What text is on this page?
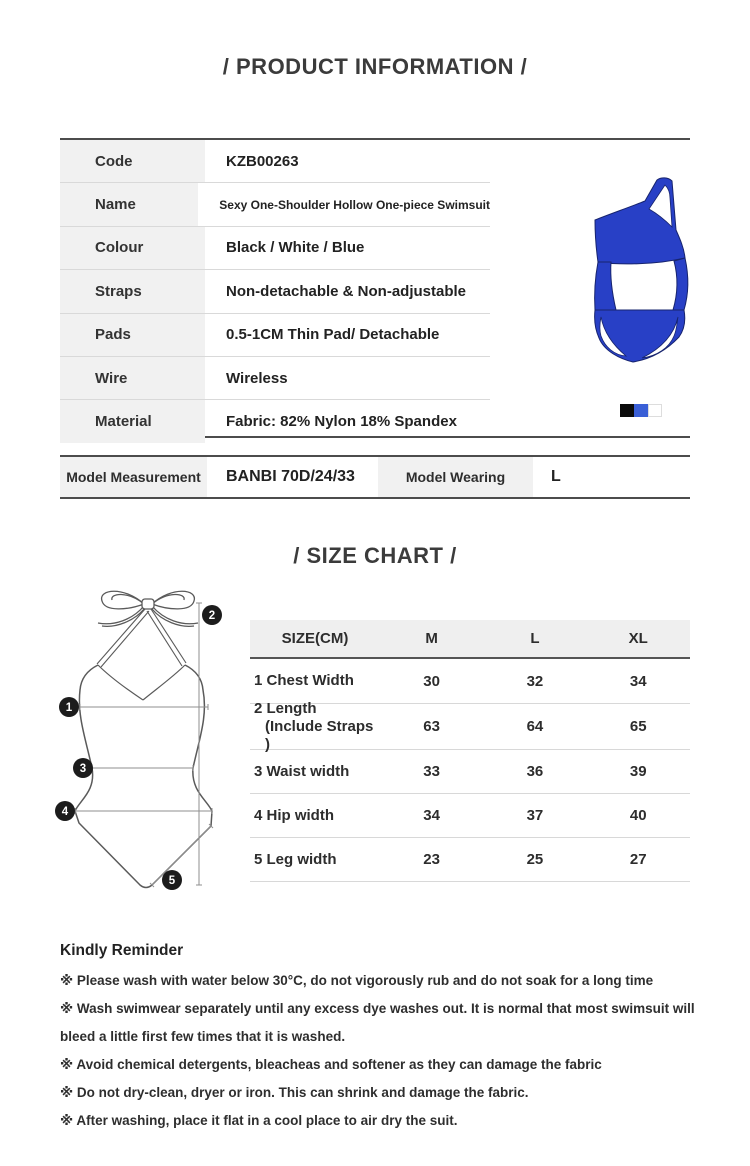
/ PRODUCT INFORMATION /
Code	KZB00263
Name	Sexy One-Shoulder Hollow One-piece Swimsuit
Colour	Black / White / Blue
Straps	Non-detachable & Non-adjustable
Pads	0.5-1CM Thin Pad/ Detachable
Wire	Wireless
Material	Fabric: 82% Nylon 18% Spandex
Model Measurement	BANBI 70D/24/33	Model Wearing	L
/ SIZE CHART /
1
2
3
4
5
SIZE(CM)	M	L	XL
1 Chest Width	30	32	34
2 Length
(Include Straps )
63	64	65
3 Waist width	33	36	39
4 Hip width	34	37	40
5 Leg width	23	25	27
Kindly Reminder

※ Please wash with water below 30°C, do not vigorously rub and do not soak for a long time

※ Wash swimwear separately until any excess dye washes out. It is normal that most swimsuit will bleed a little first few times that it is washed.

※ Avoid chemical detergents, bleacheas and softener as they can damage the fabric

※ Do not dry-clean, dryer or iron. This can shrink and damage the fabric.

※ After washing, place it flat in a cool place to air dry the suit.
